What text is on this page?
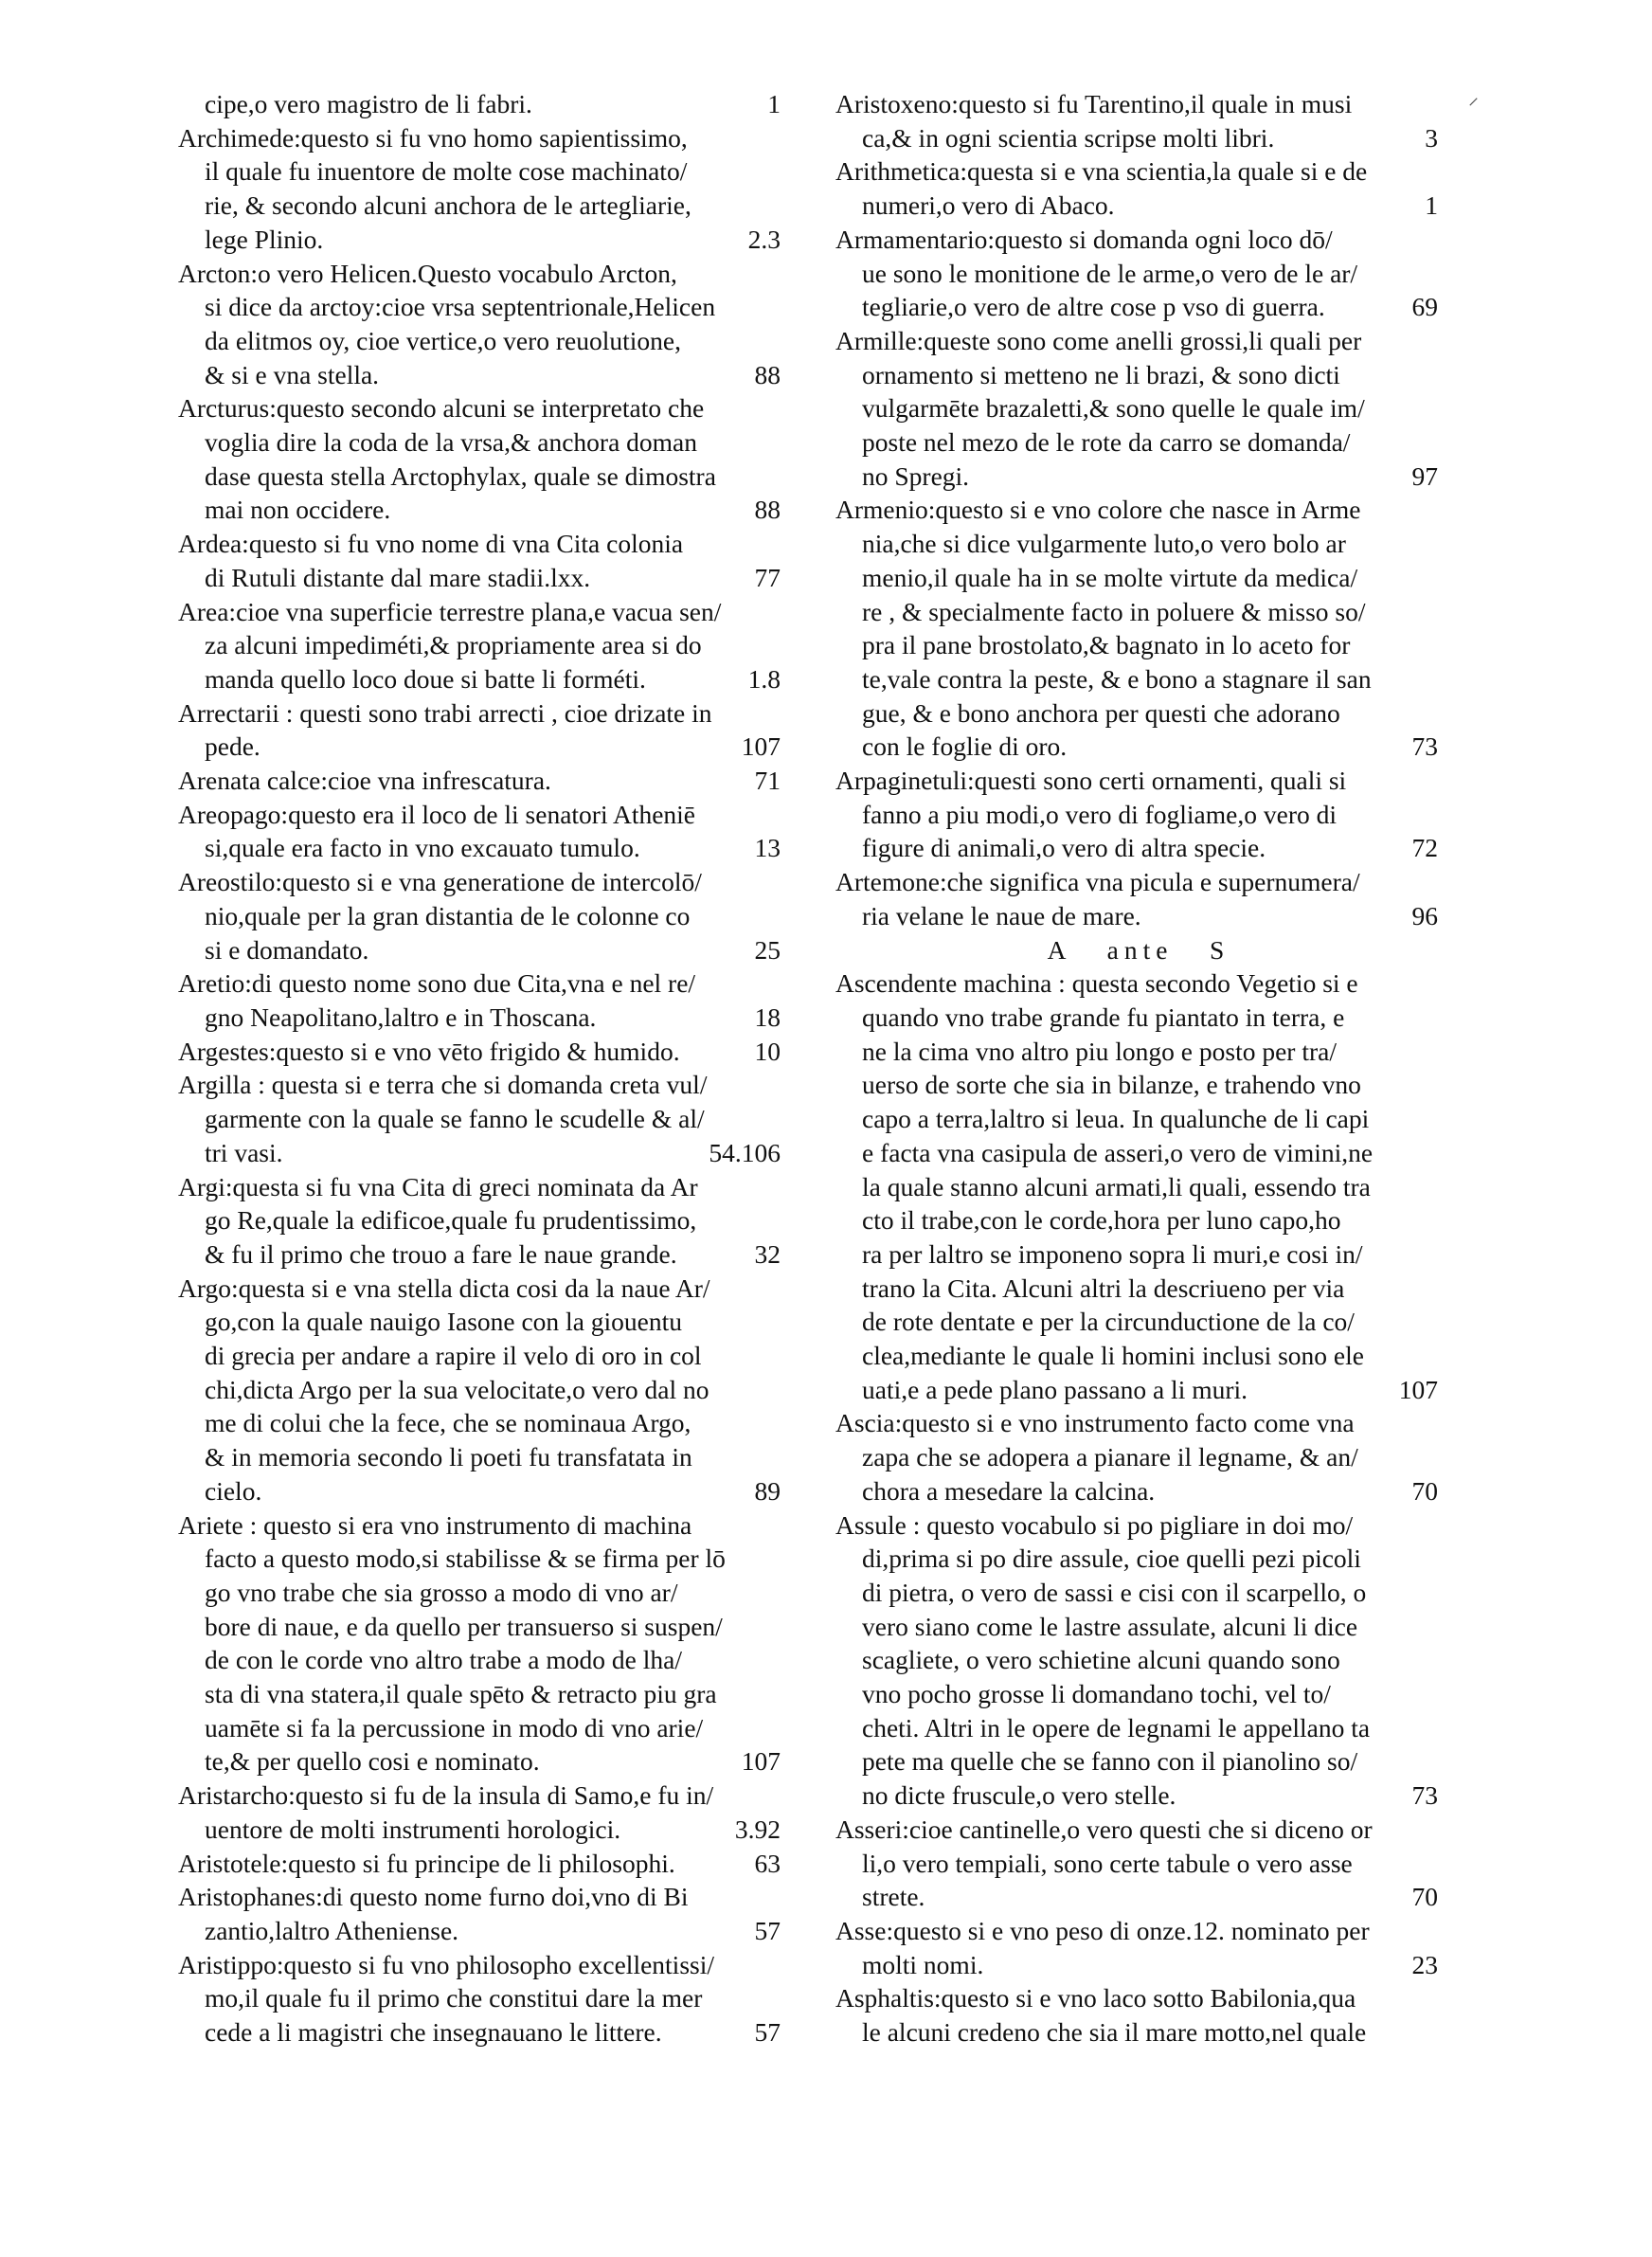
cipe,o vero magistro de li fabri.	1

Archimede:questo si fu vno homo sapientissimo,

il quale fu inuentore de molte cose machinato/

rie, & secondo alcuni anchora de le artegliarie,

lege Plinio.	2.3

Arcton:o vero Helicen.Questo vocabulo Arcton,

si dice da arctoy:cioe vrsa septentrionale,Helicen

da elitmos oy, cioe vertice,o vero reuolutione,

& si e vna stella.	88

Arcturus:questo secondo alcuni se interpretato che

voglia dire la coda de la vrsa,& anchora doman

dase questa stella Arctophylax, quale se dimostra

mai non occidere.	88

Ardea:questo si fu vno nome di vna Cita colonia

di Rutuli distante dal mare stadii.lxx.	77

Area:cioe vna superficie terrestre plana,e vacua sen/

za alcuni impediméti,& propriamente area si do

manda quello loco doue si batte li forméti.	1.8

Arrectarii : questi sono trabi arrecti , cioe drizate in

pede.	107

Arenata calce:cioe vna infrescatura.	71

Areopago:questo era il loco de li senatori Atheniē

si,quale era facto in vno excauato tumulo.	13

Areostilo:questo si e vna generatione de intercolō/

nio,quale per la gran distantia de le colonne co

si e domandato.	25

Aretio:di questo nome sono due Cita,vna e nel re/

gno Neapolitano,laltro e in Thoscana.	18

Argestes:questo si e vno vēto frigido & humido.	10

Argilla : questa si e terra che si domanda creta vul/

garmente con la quale se fanno le scudelle & al/

tri vasi.	54.106

Argi:questa si fu vna Cita di greci nominata da Ar

go Re,quale la edificoe,quale fu prudentissimo,

& fu il primo che trouo a fare le naue grande.	32

Argo:questa si e vna stella dicta cosi da la naue Ar/

go,con la quale nauigo Iasone con la giouentu

di grecia per andare a rapire il velo di oro in col

chi,dicta Argo per la sua velocitate,o vero dal no

me di colui che la fece, che se nominaua Argo,

& in memoria secondo li poeti fu transfatata in

cielo.	89

Ariete : questo si era vno instrumento di machina

facto a questo modo,si stabilisse & se firma per lō

go vno trabe che sia grosso a modo di vno ar/

bore di naue, e da quello per transuerso si suspen/

de con le corde vno altro trabe a modo de lha/

sta di vna statera,il quale spēto & retracto piu gra

uamēte si fa la percussione in modo di vno arie/

te,& per quello cosi e nominato.	107

Aristarcho:questo si fu de la insula di Samo,e fu in/

uentore de molti instrumenti horologici.	3.92

Aristotele:questo si fu principe de li philosophi.	63

Aristophanes:di questo nome furno doi,vno di Bi

zantio,laltro Atheniense.	57

Aristippo:questo si fu vno philosopho excellentissi/

mo,il quale fu il primo che constitui dare la mer

cede a li magistri che insegnauano le littere.	57

Aristoxeno:questo si fu Tarentino,il quale in musi

ca,& in ogni scientia scripse molti libri.	3

Arithmetica:questa si e vna scientia,la quale si e de

numeri,o vero di Abaco.	1

Armamentario:questo si domanda ogni loco dō/

ue sono le monitione de le arme,o vero de le ar/

tegliarie,o vero de altre cose p vso di guerra.	69

Armille:queste sono come anelli grossi,li quali per

ornamento si metteno ne li brazi, & sono dicti

vulgarmēte brazaletti,& sono quelle le quale im/

poste nel mezo de le rote da carro se domanda/

no Spregi.	97

Armenio:questo si e vno colore che nasce in Arme

nia,che si dice vulgarmente luto,o vero bolo ar

menio,il quale ha in se molte virtute da medica/

re , & specialmente facto in poluere & misso so/

pra il pane brostolato,& bagnato in lo aceto for

te,vale contra la peste, & e bono a stagnare il san

gue, & e bono anchora per questi che adorano

con le foglie di oro.	73

Arpaginetuli:questi sono certi ornamenti, quali si

fanno a piu modi,o vero di fogliame,o vero di

figure di animali,o vero di altra specie.	72

Artemone:che significa vna picula e supernumera/

ria velane le naue de mare.	96

A   ante   S

Ascendente machina : questa secondo Vegetio si e

quando vno trabe grande fu piantato in terra, e

ne la cima vno altro piu longo e posto per tra/

uerso de sorte che sia in bilanze, e trahendo vno

capo a terra,laltro si leua. In qualunche de li capi

e facta vna casipula de asseri,o vero de vimini,ne

la quale stanno alcuni armati,li quali, essendo tra

cto il trabe,con le corde,hora per luno capo,ho

ra per laltro se imponeno sopra li muri,e cosi in/

trano la Cita. Alcuni altri la descriueno per via

de rote dentate e per la circunductione de la co/

clea,mediante le quale li homini inclusi sono ele

uati,e a pede plano passano a li muri.	107

Ascia:questo si e vno instrumento facto come vna

zapa che se adopera a pianare il legname, & an/

chora a mesedare la calcina.	70

Assule : questo vocabulo si po pigliare in doi mo/

di,prima si po dire assule, cioe quelli pezi picoli

di pietra, o vero de sassi e cisi con il scarpello, o

vero siano come le lastre assulate, alcuni li dice

scagliete, o vero schietine alcuni quando sono

vno pocho grosse li domandano tochi, vel to/

cheti. Altri in le opere de legnami le appellano ta

pete ma quelle che se fanno con il pianolino so/

no dicte fruscule,o vero stelle.	73

Asseri:cioe cantinelle,o vero questi che si diceno or

li,o vero tempiali, sono certe tabule o vero asse

strete.	70

Asse:questo si e vno peso di onze.12. nominato per

molti nomi.	23

Asphaltis:questo si e vno laco sotto Babilonia,qua

le alcuni credeno che sia il mare motto,nel quale

⸍
